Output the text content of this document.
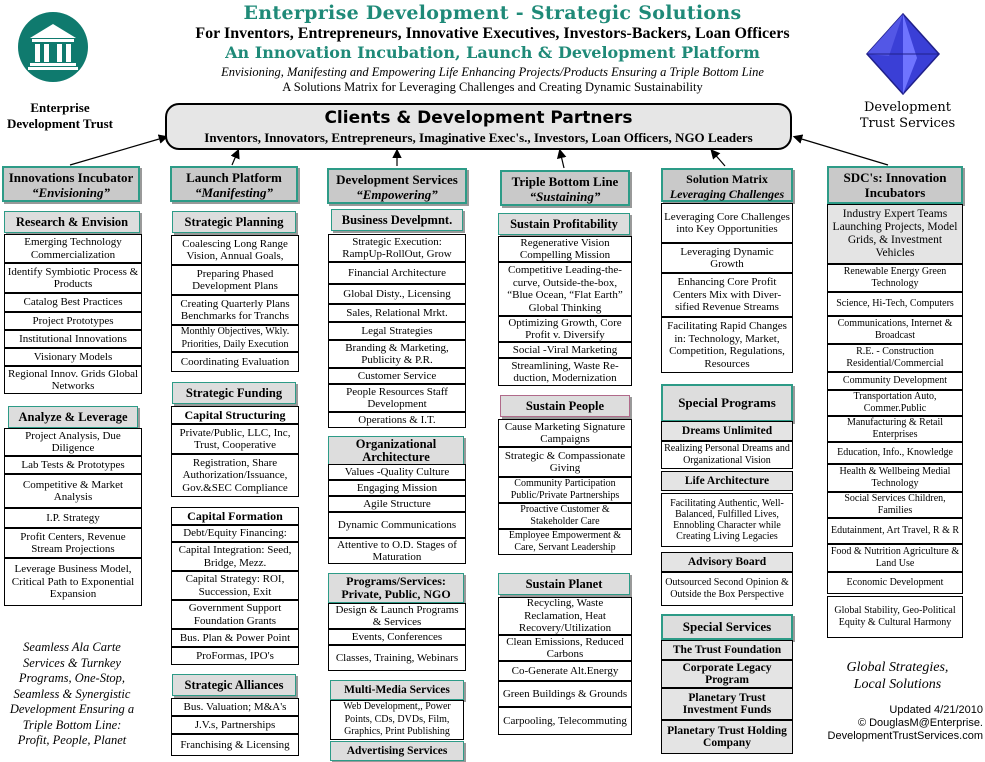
Enterprise Development - Strategic Solutions
For Inventors, Entrepreneurs, Innovative Executives, Investors-Backers, Loan Officers
An Innovation Incubation, Launch & Development Platform
Envisioning, Manifesting and Empowering Life Enhancing Projects/Products Ensuring a Triple Bottom Line
A Solutions Matrix for Leveraging Challenges and Creating Dynamic Sustainability
Enterprise
Development Trust
Development
Trust Services
Clients & Development Partners
Inventors, Innovators, Entrepreneurs, Imaginative Exec's., Investors, Loan Officers, NGO Leaders
Innovations Incubator
“Envisioning”
Launch Platform
“Manifesting”
Development Services
“Empowering”
Triple Bottom Line
“Sustaining”
Solution Matrix
Leveraging Challenges
SDC's: Innovation
Incubators
Research & Envision
Emerging Technology Commercialization
Identify Symbiotic Process & Products
Catalog Best Practices
Project Prototypes
Institutional Innovations
Visionary Models
Regional Innov. Grids Global Networks
Analyze & Leverage
Project Analysis, Due Diligence
Lab Tests & Prototypes
Competitive & Market Analysis
I.P. Strategy
Profit Centers, Revenue Stream Projections
Leverage Business Model, Critical Path to Exponential Expansion
Seamless Ala Carte
Services & Turnkey
Programs, One-Stop,
Seamless & Synergistic
Development Ensuring a
Triple Bottom Line:
Profit, People, Planet
Strategic Planning
Coalescing Long Range Vision, Annual Goals,
Preparing Phased Development Plans
Creating Quarterly Plans Benchmarks for Tranchs
Monthly Objectives, Wkly. Priorities, Daily Execution
Coordinating Evaluation
Strategic Funding
Capital Structuring
Private/Public, LLC, Inc, Trust, Cooperative
Registration, Share Authorization/Issuance, Gov.&SEC Compliance
Capital Formation
Debt/Equity Financing:
Capital Integration: Seed, Bridge, Mezz.
Capital Strategy: ROI, Succession, Exit
Government Support Foundation Grants
Bus. Plan & Power Point
ProFormas, IPO's
Strategic Alliances
Bus. Valuation; M&A's
J.V.s, Partnerships
Franchising & Licensing
Business Develpmnt.
Strategic Execution: RampUp-RollOut, Grow
Financial Architecture
Global Disty., Licensing
Sales, Relational Mrkt.
Legal Strategies
Branding & Marketing, Publicity & P.R.
Customer Service
People Resources Staff Development
Operations & I.T.
Organizational Architecture
Values -Quality Culture
Engaging Mission
Agile Structure
Dynamic Communications
Attentive to O.D. Stages of Maturation
Programs/Services: Private, Public, NGO
Design & Launch Programs & Services
Events, Conferences
Classes, Training, Webinars
Multi-Media Services
Web Development,, Power Points, CDs, DVDs, Film, Graphics, Print Publishing
Advertising Services
Sustain Profitability
Regenerative Vision Compelling Mission
Competitive Leading-the-curve, Outside-the-box, “Blue Ocean, “Flat Earth” Global Thinking
Optimizing Growth, Core Profit v. Diversify
Social -Viral Marketing
Streamlining, Waste Re-duction, Modernization
Sustain People
Cause Marketing Signature Campaigns
Strategic & Compassionate Giving
Community Participation Public/Private Partnerships
Proactive Customer & Stakeholder Care
Employee Empowerment & Care, Servant Leadership
Sustain Planet
Recycling, Waste Reclamation, Heat Recovery/Utilization
Clean Emissions, Reduced Carbons
Co-Generate Alt.Energy
Green Buildings & Grounds
Carpooling, Telecommuting
Leveraging Core Challenges into Key Opportunities
Leveraging Dynamic Growth
Enhancing Core Profit Centers Mix with Diver-sified Revenue Streams
Facilitating Rapid Changes in: Technology, Market, Competition, Regulations, Resources
Special Programs
Dreams Unlimited
Realizing Personal Dreams and Organizational Vision
Life Architecture
Facilitating Authentic, Well-Balanced, Fulfilled Lives, Ennobling Character while Creating Living Legacies
Advisory Board
Outsourced Second Opinion & Outside the Box Perspective
Special Services
The Trust Foundation
Corporate Legacy Program
Planetary Trust Investment Funds
Planetary Trust Holding Company
Industry Expert Teams Launching Projects, Model Grids, & Investment Vehicles
Renewable Energy Green Technology
Science, Hi-Tech, Computers
Communications, Internet & Broadcast
R.E. - Construction Residential/Commercial
Community Development
Transportation Auto, Commer.Public
Manufacturing & Retail Enterprises
Education, Info., Knowledge
Health & Wellbeing Medial Technology
Social Services Children, Families
Edutainment, Art Travel, R & R
Food & Nutrition Agriculture & Land Use
Economic Development
Global Stability, Geo-Political Equity & Cultural Harmony
Global Strategies,
Local Solutions
Updated 4/21/2010
© DouglasM@Enterprise.
DevelopmentTrustServices.com
